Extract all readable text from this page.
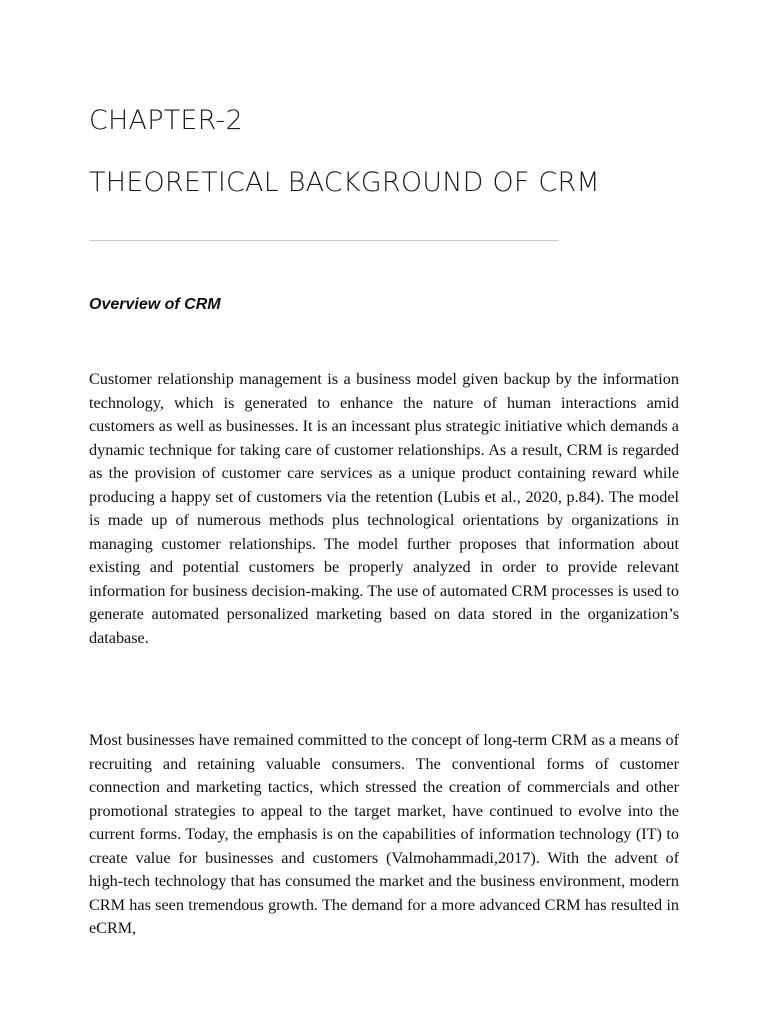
CHAPTER-2
THEORETICAL BACKGROUND OF CRM
Overview of CRM

Customer relationship management is a business model given backup by the information technology, which is generated to enhance the nature of human interactions amid customers as well as businesses. It is an incessant plus strategic initiative which demands a dynamic technique for taking care of customer relationships. As a result, CRM is regarded as the provision of customer care services as a unique product containing reward while producing a happy set of customers via the retention (Lubis et al., 2020, p.84). The model is made up of numerous methods plus technological orientations by organizations in managing customer relationships. The model further proposes that information about existing and potential customers be properly analyzed in order to provide relevant information for business decision-making. The use of automated CRM processes is used to generate automated personalized marketing based on data stored in the organization’s database.

Most businesses have remained committed to the concept of long-term CRM as a means of recruiting and retaining valuable consumers. The conventional forms of customer connection and marketing tactics, which stressed the creation of commercials and other promotional strategies to appeal to the target market, have continued to evolve into the current forms. Today, the emphasis is on the capabilities of information technology (IT) to create value for businesses and customers (Valmohammadi,2017). With the advent of high-tech technology that has consumed the market and the business environment, modern CRM has seen tremendous growth. The demand for a more advanced CRM has resulted in eCRM,
